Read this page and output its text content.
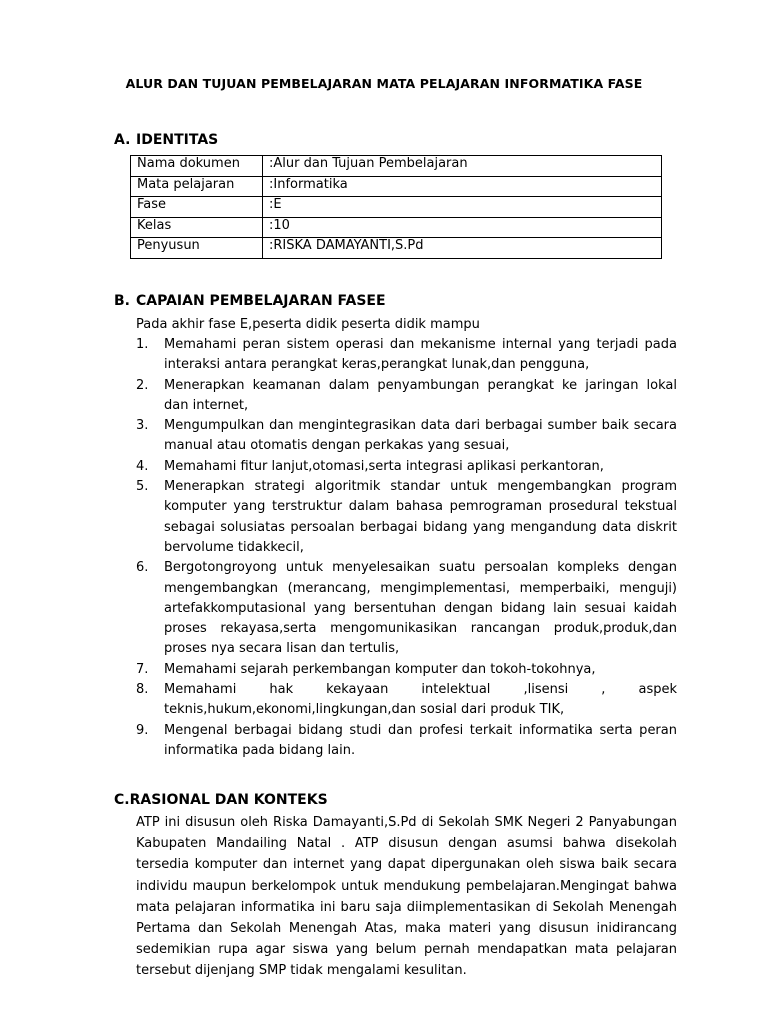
ALUR DAN TUJUAN PEMBELAJARAN MATA PELAJARAN INFORMATIKA FASE
A. IDENTITAS
Nama dokumen	:Alur dan Tujuan Pembelajaran
Mata pelajaran	:Informatika
Fase	:E
Kelas	:10
Penyusun	:RISKA DAMAYANTI,S.Pd
B. CAPAIAN PEMBELAJARAN FASEE
Pada akhir fase E,peserta didik peserta didik mampu
1. Memahami peran sistem operasi dan mekanisme internal yang terjadi pada interaksi antara perangkat keras,perangkat lunak,dan pengguna,
2. Menerapkan keamanan dalam penyambungan perangkat ke jaringan lokal dan internet,
3. Mengumpulkan dan mengintegrasikan data dari berbagai sumber baik secara manual atau otomatis dengan perkakas yang sesuai,
4. Memahami fitur lanjut,otomasi,serta integrasi aplikasi perkantoran,
5. Menerapkan strategi algoritmik standar untuk mengembangkan program komputer yang terstruktur dalam bahasa pemrograman prosedural tekstual sebagai solusiatas persoalan berbagai bidang yang mengandung data diskrit bervolume tidakkecil,
6. Bergotongroyong untuk menyelesaikan suatu persoalan kompleks dengan mengembangkan (merancang, mengimplementasi, memperbaiki, menguji) artefakkomputasional yang bersentuhan dengan bidang lain sesuai kaidah proses rekayasa,serta mengomunikasikan rancangan produk,produk,dan proses nya secara lisan dan tertulis,
7. Memahami sejarah perkembangan komputer dan tokoh-tokohnya,
8. Memahami hak kekayaan intelektual ,lisensi , aspek teknis,hukum,ekonomi,lingkungan,dan sosial dari produk TIK,
9. Mengenal berbagai bidang studi dan profesi terkait informatika serta peran informatika pada bidang lain.
C.RASIONAL DAN KONTEKS
ATP ini disusun oleh Riska Damayanti,S.Pd di Sekolah SMK Negeri 2 Panyabungan Kabupaten Mandailing Natal . ATP disusun dengan asumsi bahwa disekolah tersedia komputer dan internet yang dapat dipergunakan oleh siswa baik secara individu maupun berkelompok untuk mendukung pembelajaran.Mengingat bahwa mata pelajaran informatika ini baru saja diimplementasikan di Sekolah Menengah Pertama dan Sekolah Menengah Atas, maka materi yang disusun inidirancang sedemikian rupa agar siswa yang belum pernah mendapatkan mata pelajaran tersebut dijenjang SMP tidak mengalami kesulitan.
